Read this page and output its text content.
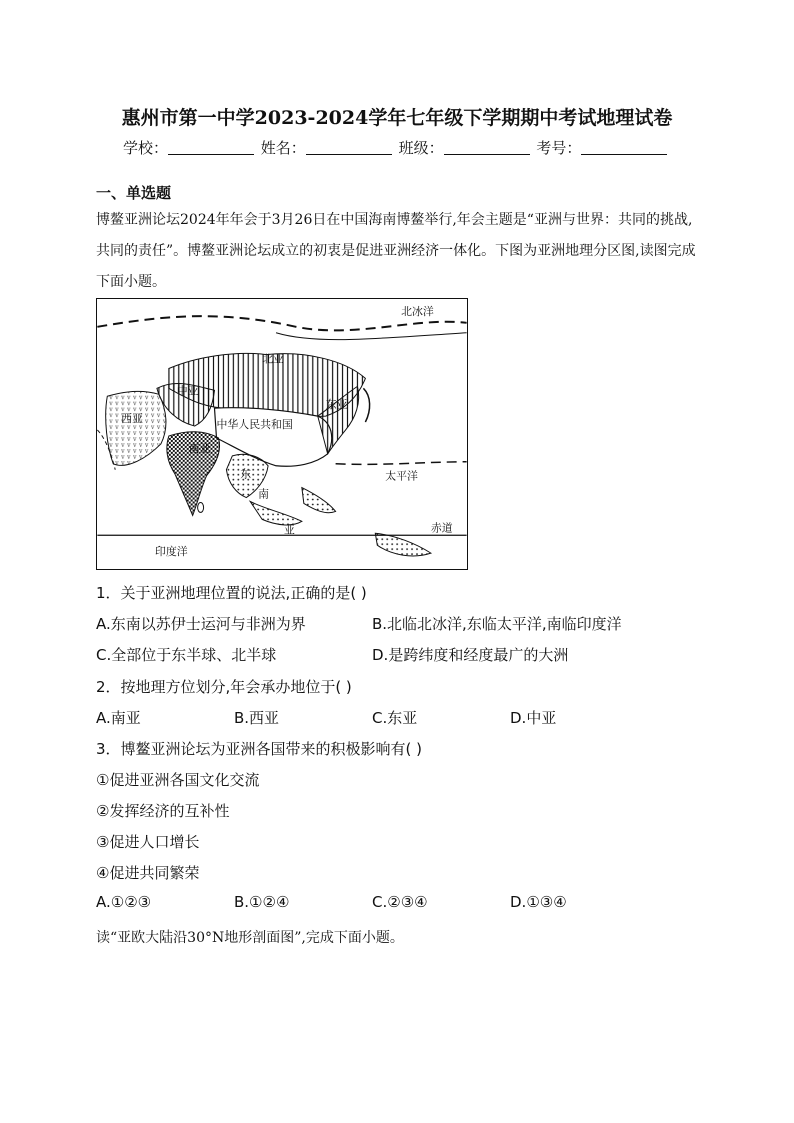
惠州市第一中学2023-2024学年七年级下学期期中考试地理试卷
学校：	姓名：	班级：	考号：
一、单选题
博鳌亚洲论坛2024年年会于3月26日在中国海南博鳌举行,年会主题是“亚洲与世界：共同的挑战,共同的责任”。博鳌亚洲论坛成立的初衷是促进亚洲经济一体化。下图为亚洲地理分区图,读图完成下面小题。
北冰洋
北亚
中亚
东亚
西亚	中华人民共和国
南亚
太平洋
东
南
亚	赤道
印度洋
1．关于亚洲地理位置的说法,正确的是( )
A.东南以苏伊士运河与非洲为界	B.北临北冰洋,东临太平洋,南临印度洋
C.全部位于东半球、北半球	D.是跨纬度和经度最广的大洲
2．按地理方位划分,年会承办地位于( )
A.南亚	B.西亚	C.东亚	D.中亚
3．博鳌亚洲论坛为亚洲各国带来的积极影响有( )
①促进亚洲各国文化交流
②发挥经济的互补性
③促进人口增长
④促进共同繁荣
A.①②③	B.①②④	C.②③④	D.①③④
读“亚欧大陆沿30°N地形剖面图”,完成下面小题。
